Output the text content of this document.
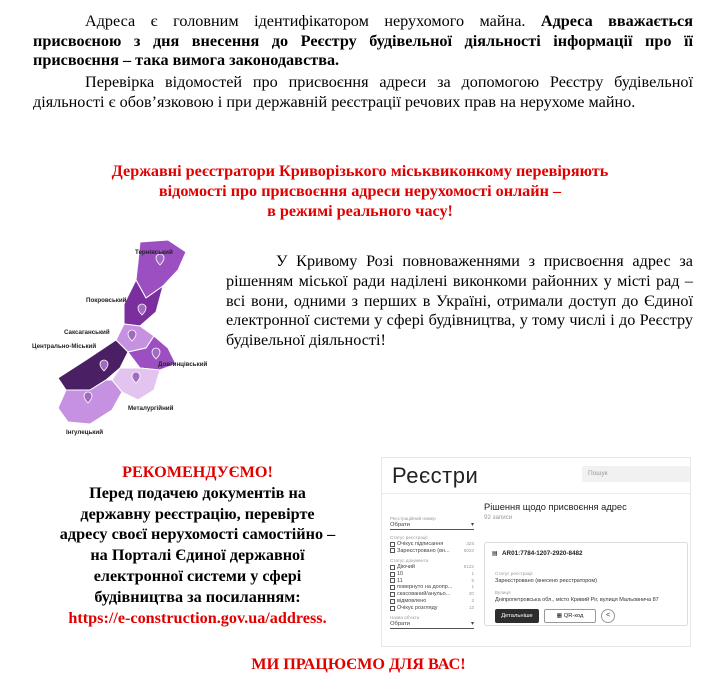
Адреса є головним ідентифікатором нерухомого майна. Адреса вважається присвоєною з дня внесення до Реєстру будівельної діяльності інформації про її присвоєння – така вимога законодавства.
Перевірка відомостей про присвоєння адреси за допомогою Реєстру будівельної діяльності є обов’язковою і при державній реєстрації речових прав на нерухоме майно.
Державні реєстратори Криворізького міськвиконкому перевіряють
відомості про присвоєння адреси нерухомості онлайн –
в режимі реального часу!
Тернівський
Покровський
Саксаганський
Центрально-Міський
Довгинцівський
Металургійний
Інгулецький
У Кривому Розі повноваженнями з присвоєння адрес за рішенням міської ради наділені виконкоми районних у місті рад – всі вони, одними з перших в Україні, отримали доступ до Єдиної електронної системи у сфері будівництва, у тому числі і до Реєстру будівельної діяльності!
РЕКОМЕНДУЄМО!
Перед подачею документів на
державну реєстрацію, перевірте
адресу своєї нерухомості самостійно –
на Порталі Єдиної державної
електронної системи у сфері
будівництва за посиланням:
https://e-construction.gov.ua/address.
Реєстри	Пошук
Реєстраційний номер
Обрати ▾
Статус реєстрації
Очікує підписання	325
Зареєстровано (вн...	5023
Статус документа
Діючий	5122
10	1
11	5
повернуто на доопр...	1
скасований/анульо...	20
відмовлено	2
Очікує розгляду	13
Назва об'єкта
Обрати ▾
Рішення щодо присвоєння адрес
92 записи
▤ AR01:7784-1207-2920-8482
Статус реєстрації
Зареєстровано (внесено реєстратором)
Вулиця
Дніпропетровська обл., місто Кривий Ріг, вулиця Мальовнича 87
Детальніше	▦ QR-код	<
МИ ПРАЦЮЄМО ДЛЯ ВАС!
